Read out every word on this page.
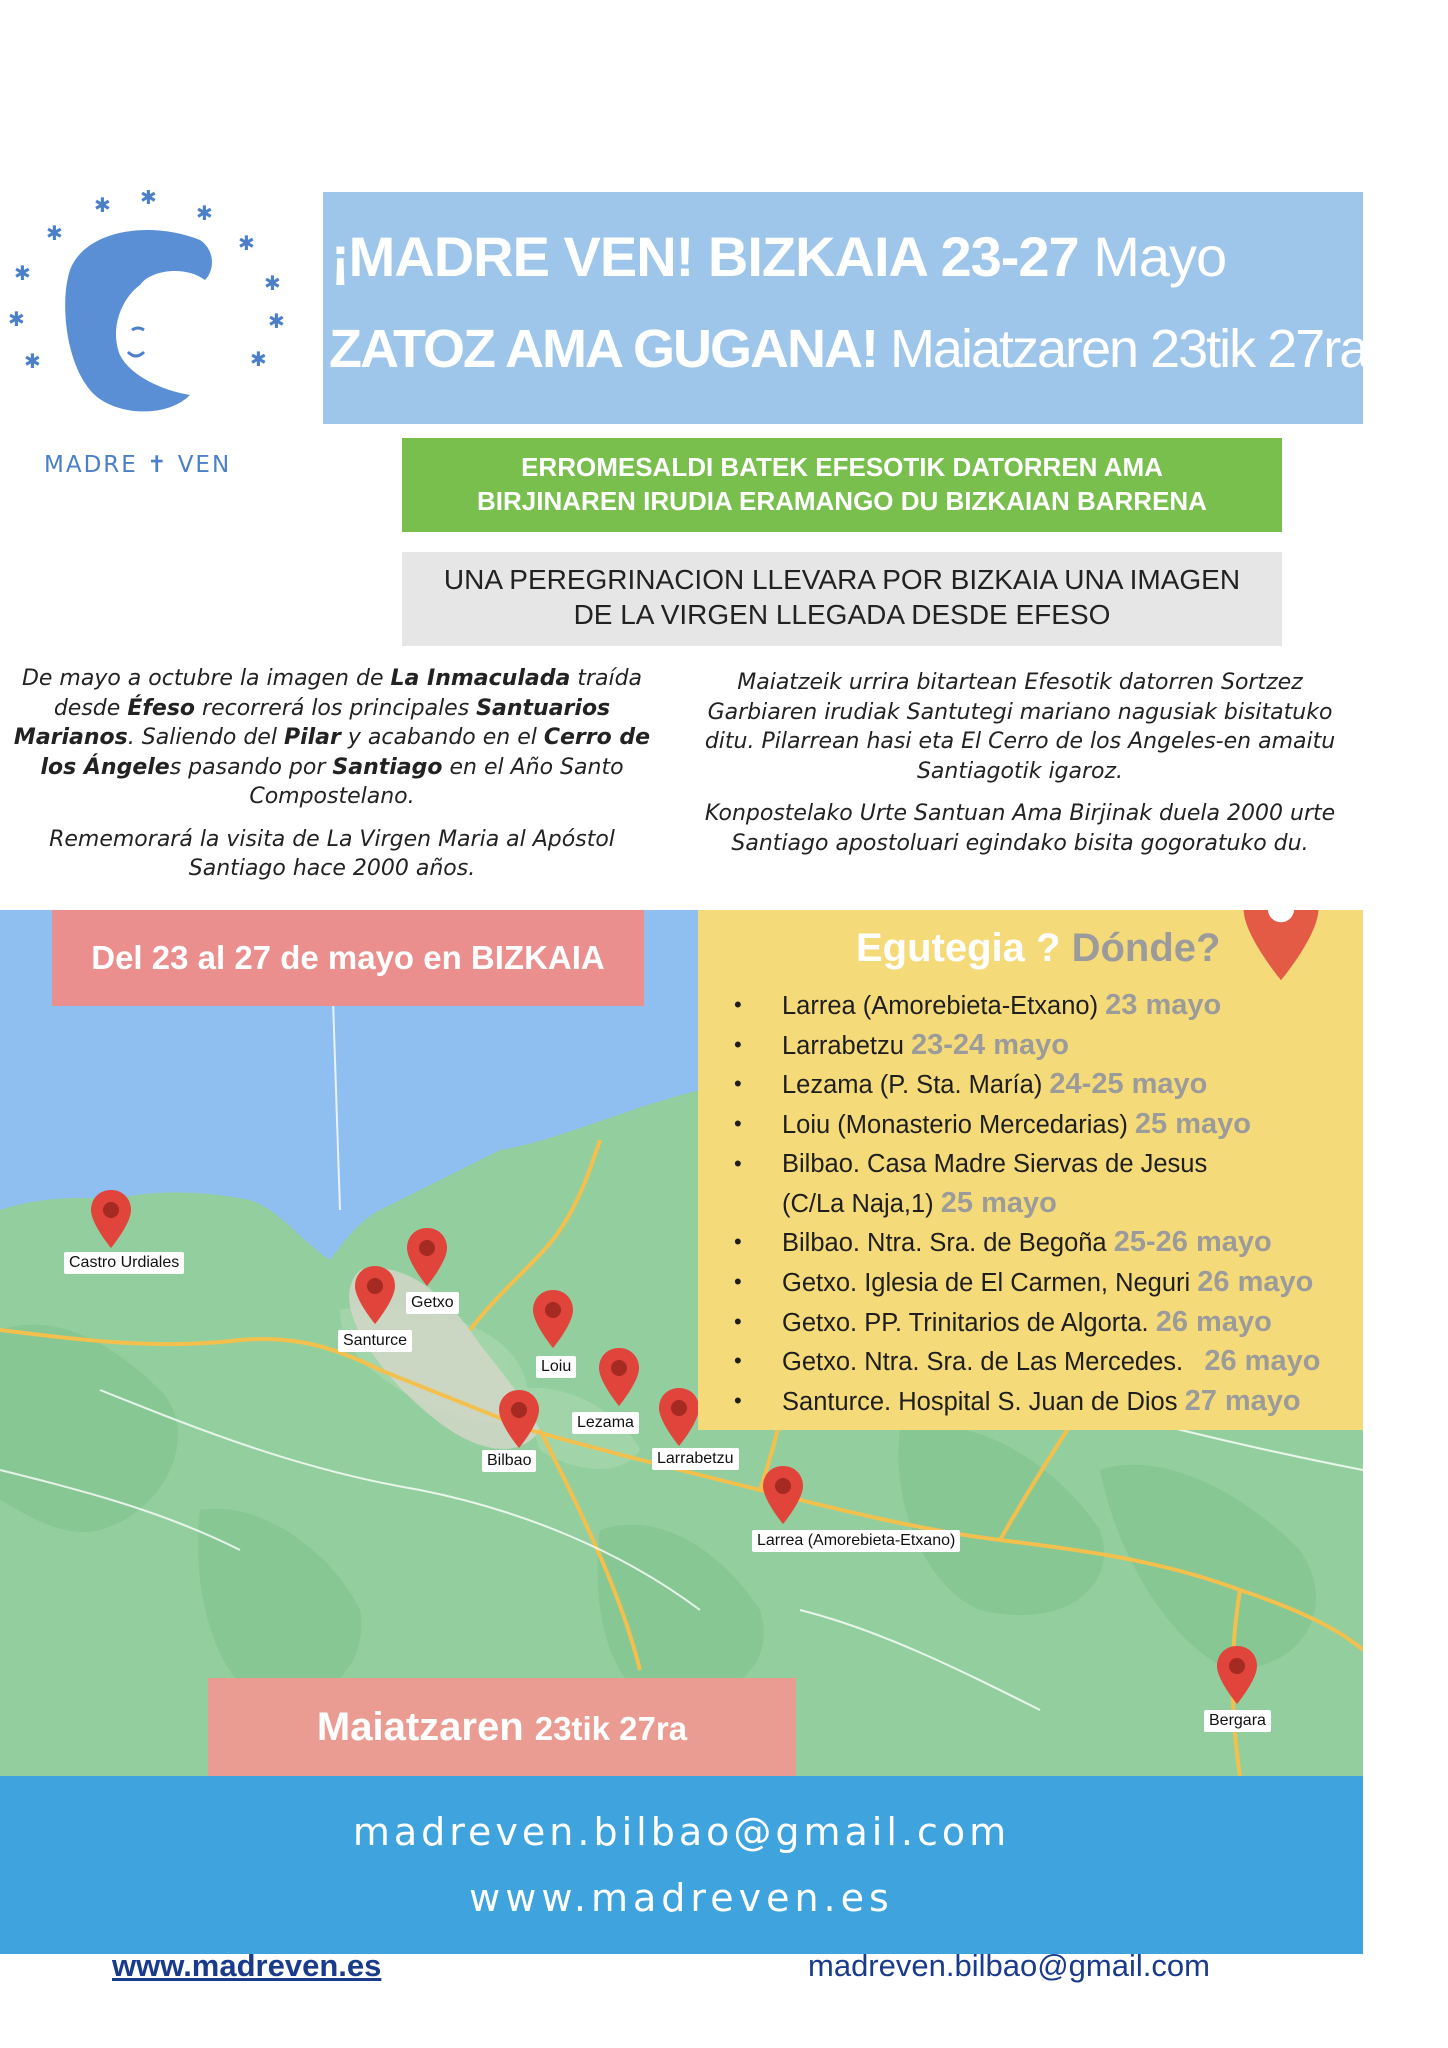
✱ ✱
✱
✱	✱
✱	✱
✱	✱
✱	✱
MADRE ✝ VEN
¡MADRE VEN! BIZKAIA 23-27 Mayo
ZATOZ AMA GUGANA! Maiatzaren 23tik 27ra
ERROMESALDI BATEK EFESOTIK DATORREN AMA
BIRJINAREN IRUDIA ERAMANGO DU BIZKAIAN BARRENA
UNA PEREGRINACION LLEVARA POR BIZKAIA UNA IMAGEN
DE LA VIRGEN LLEGADA DESDE EFESO

De mayo a octubre la imagen de La Inmaculada traída desde Éfeso recorrerá los principales Santuarios Marianos. Saliendo del Pilar y acabando en el Cerro de los Ángeles pasando por Santiago en el Año Santo Compostelano.

Rememorará la visita de La Virgen Maria al Apóstol Santiago hace 2000 años.

Maiatzeik urrira bitartean Efesotik datorren Sortzez Garbiaren irudiak Santutegi mariano nagusiak bisitatuko ditu. Pilarrean hasi eta El Cerro de los Angeles-en amaitu Santiagotik igaroz.

Konpostelako Urte Santuan Ama Birjinak duela 2000 urte Santiago apostoluari egindako bisita gogoratuko du.

Del 23 al 27 de mayo en BIZKAIA
Maiatzaren 23tik 27ra
Castro Urdiales
Getxo
Santurce
Loiu
Lezama
Bilbao	Larrabetzu
Larrea (Amorebieta-Etxano)
Bergara
Egutegia ? Dónde?
• Larrea (Amorebieta-Etxano) 23 mayo
• Larrabetzu 23-24 mayo
• Lezama (P. Sta. María) 24-25 mayo
• Loiu (Monasterio Mercedarias) 25 mayo
• Bilbao. Casa Madre Siervas de Jesus
(C/La Naja,1) 25 mayo
• Bilbao. Ntra. Sra. de Begoña 25-26 mayo
• Getxo. Iglesia de El Carmen, Neguri 26 mayo
• Getxo. PP. Trinitarios de Algorta. 26 mayo
• Getxo. Ntra. Sra. de Las Mercedes. 26 mayo
• Santurce. Hospital S. Juan de Dios 27 mayo
madreven.bilbao@gmail.com
www.madreven.es
www.madreven.es	madreven.bilbao@gmail.com
